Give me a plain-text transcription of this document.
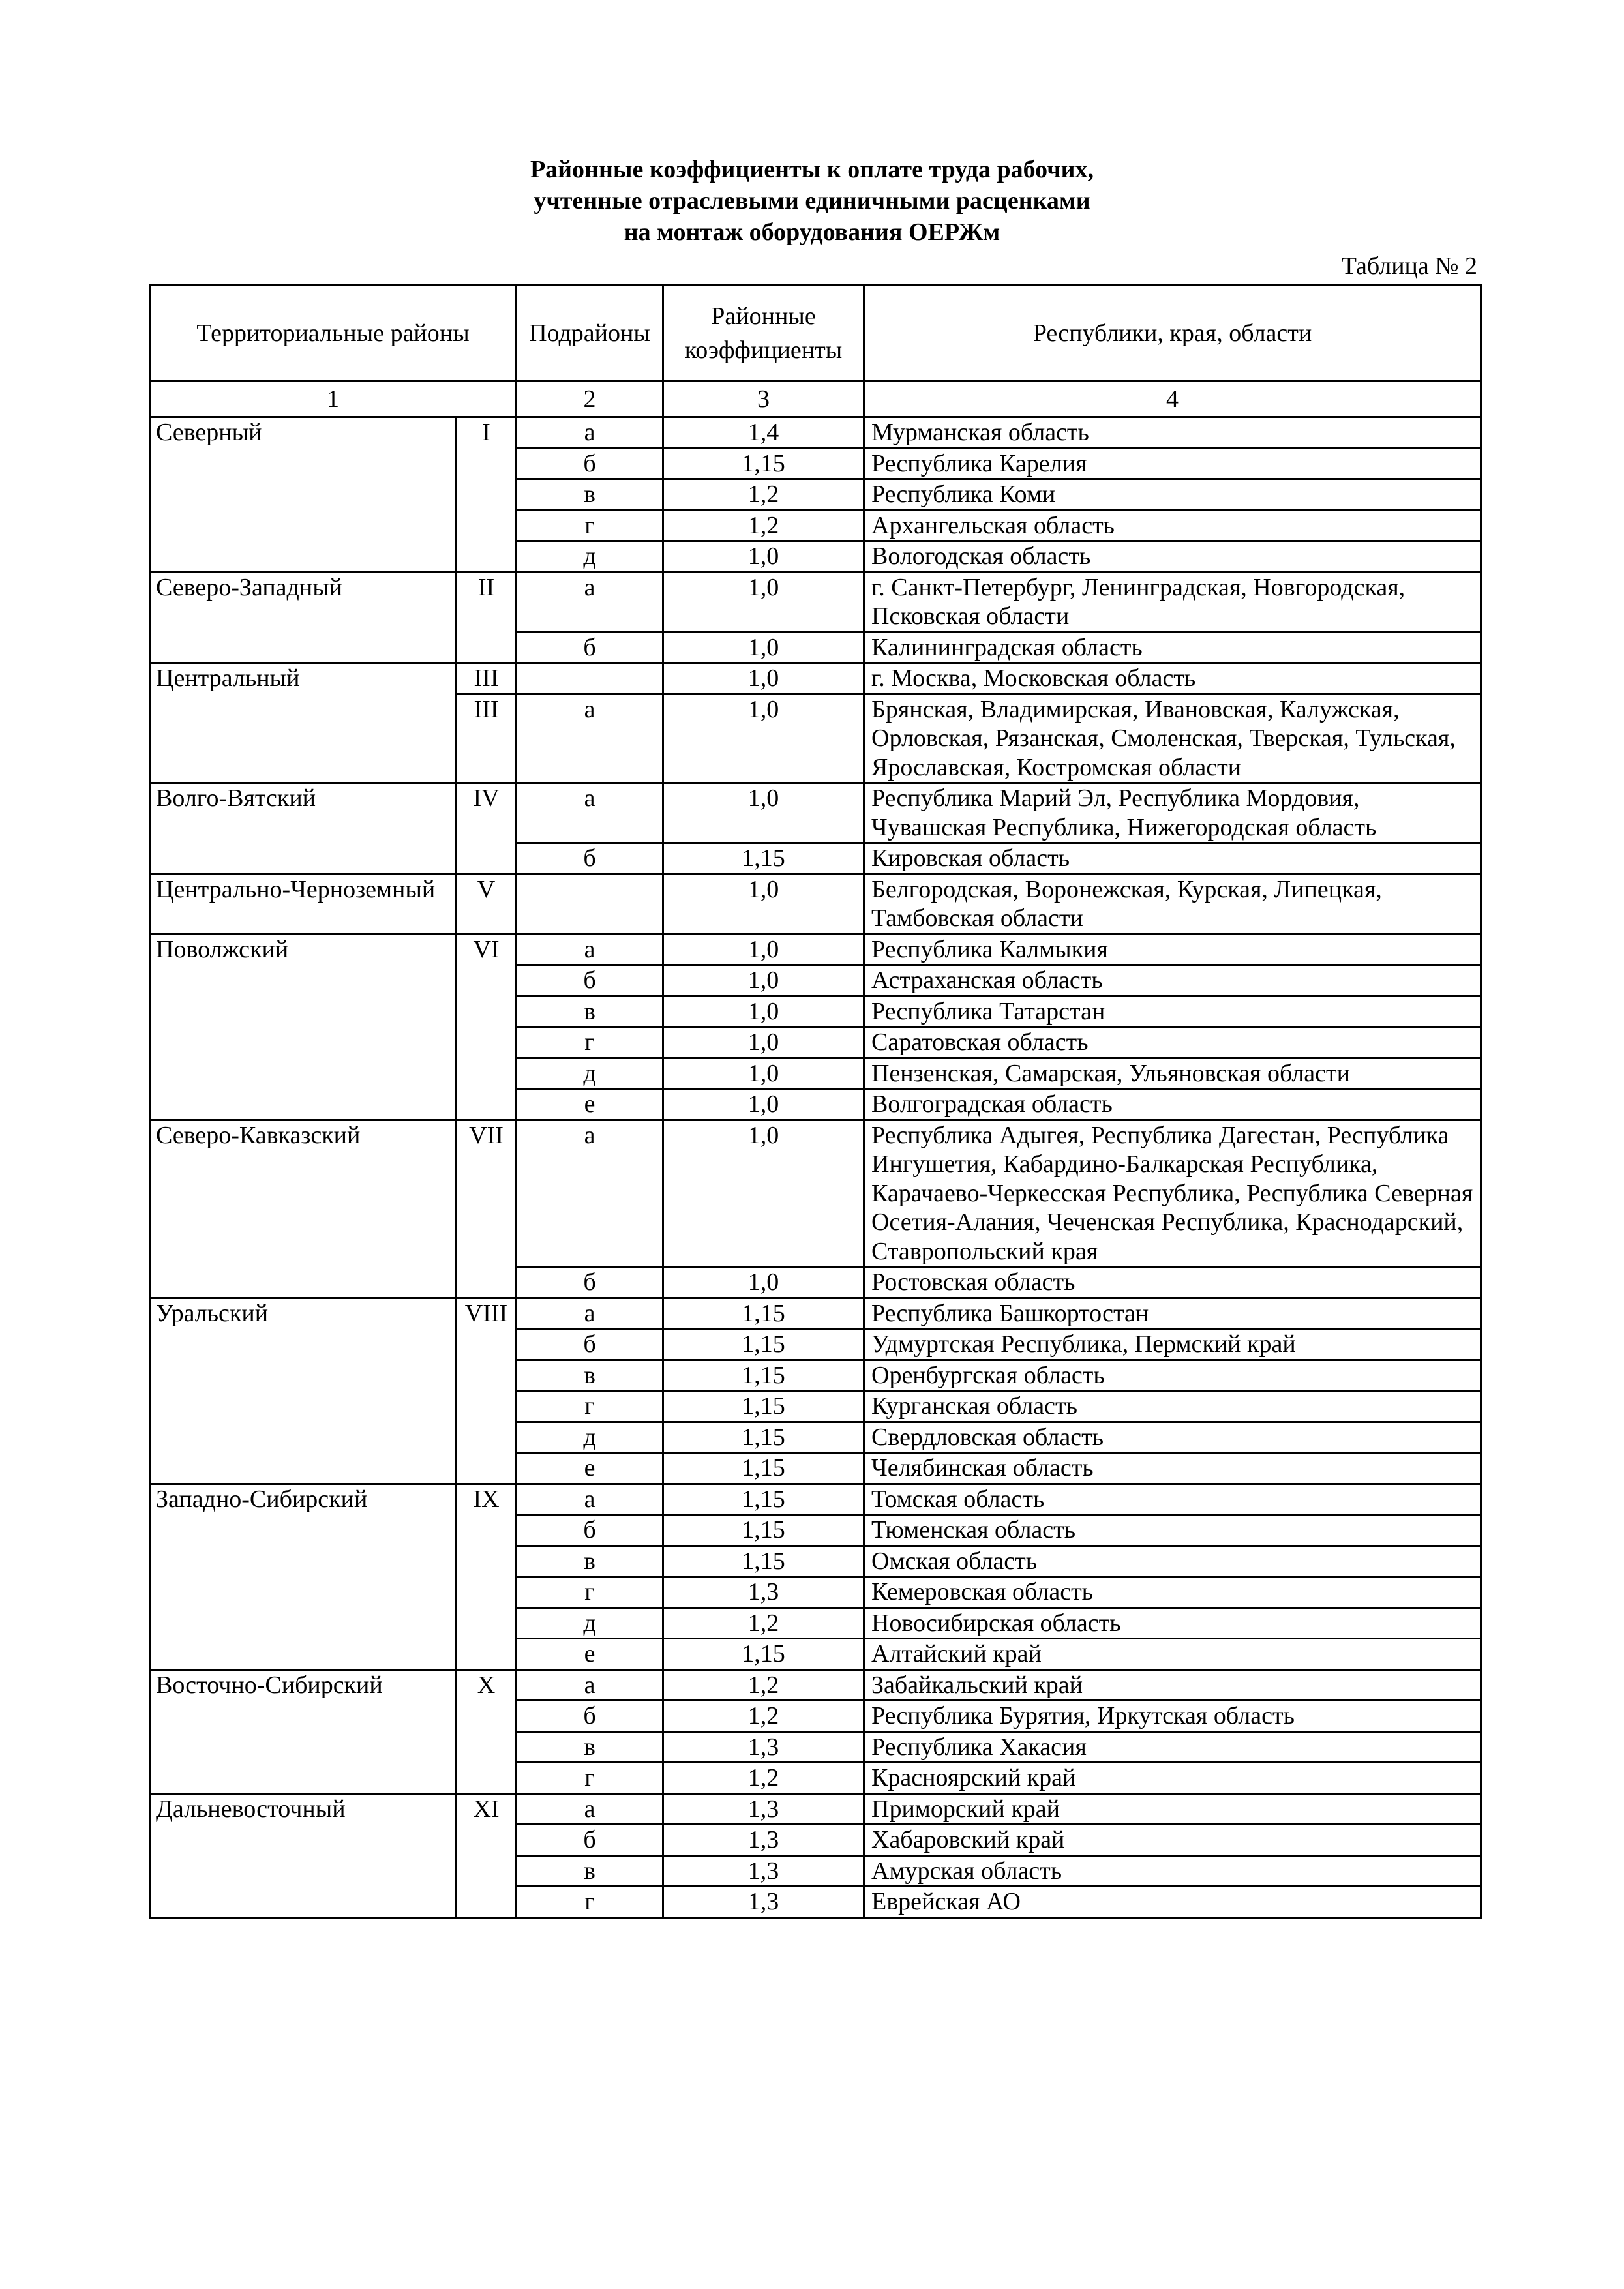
Районные коэффициенты к оплате труда рабочих,
учтенные отраслевыми единичными расценками
на монтаж оборудования ОЕРЖм
Таблица № 2
Территориальные районы		Подрайоны	Районные коэффициенты	Республики, края, области
1		2	3	4
Северный	I	а	1,4	Мурманская область
		б	1,15	Республика Карелия
		в	1,2	Республика Коми
		г	1,2	Архангельская область
		д	1,0	Вологодская область
Северо-Западный	II	а	1,0	г. Санкт-Петербург, Ленинградская, Новгородская, Псковская области
		б	1,0	Калининградская область
Центральный	III		1,0	г. Москва, Московская область
	III	а	1,0	Брянская, Владимирская, Ивановская, Калужская, Орловская, Рязанская, Смоленская, Тверская, Тульская, Ярославская, Костромская области
Волго-Вятский	IV	а	1,0	Республика Марий Эл, Республика Мордовия, Чувашская Республика, Нижегородская область
		б	1,15	Кировская область
Центрально-Черноземный	V		1,0	Белгородская, Воронежская, Курская, Липецкая, Тамбовская области
Поволжский	VI	а	1,0	Республика Калмыкия
		б	1,0	Астраханская область
		в	1,0	Республика Татарстан
		г	1,0	Саратовская область
		д	1,0	Пензенская, Самарская, Ульяновская области
		е	1,0	Волгоградская область
Северо-Кавказский	VII	а	1,0	Республика Адыгея, Республика Дагестан, Республика Ингушетия, Кабардино-Балкарская Республика, Карачаево-Черкесская Республика, Республика Северная Осетия-Алания, Чеченская Республика, Краснодарский, Ставропольский края
		б	1,0	Ростовская область
Уральский	VIII	а	1,15	Республика Башкортостан
		б	1,15	Удмуртская Республика, Пермский край
		в	1,15	Оренбургская область
		г	1,15	Курганская область
		д	1,15	Свердловская область
		е	1,15	Челябинская область
Западно-Сибирский	IX	а	1,15	Томская область
		б	1,15	Тюменская область
		в	1,15	Омская область
		г	1,3	Кемеровская область
		д	1,2	Новосибирская область
		е	1,15	Алтайский край
Восточно-Сибирский	X	а	1,2	Забайкальский край
		б	1,2	Республика Бурятия, Иркутская область
		в	1,3	Республика Хакасия
		г	1,2	Красноярский край
Дальневосточный	XI	а	1,3	Приморский край
		б	1,3	Хабаровский край
		в	1,3	Амурская область
		г	1,3	Еврейская АО
